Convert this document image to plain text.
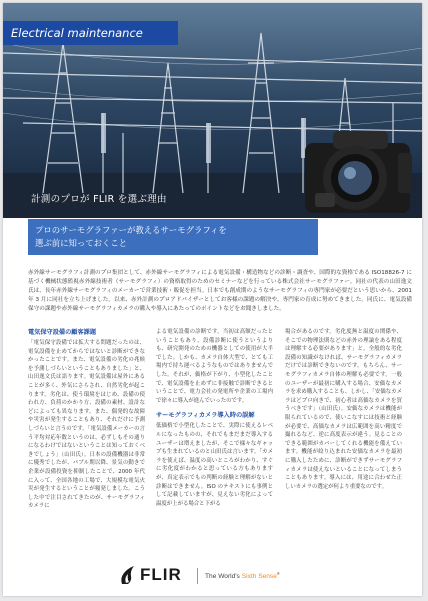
Electrical maintenance
計測のプロが FLIR を選ぶ理由
プロのサーモグラファーが教えるサーモグラフィを
選ぶ前に知っておくこと
赤外線サーモグラフィ計測のプロ集団として、赤外線サーモグラフィによる電気設備・構造物などの診断・調査や、国際的な資格である ISO18826-7 に基づく機械状態監視赤外線技術者（サーモグラフィ）の資格取得のためのセミナーなどを行っている株式会社サーモグラファー。同社の代表の山田逸文氏は、長年赤外線サーモグラフィのメーカーで営業技術・販促を担当。日本でも創成期のようなサーモグラフィの専門家が必要だという思いから、2001 年 3 月に同社を立ち上げました。以来、赤外計測のプロアドバイザーとしてお客様の課題の解決や、専門家の育成に努めてきました。同氏に、電気設備保守の課題や赤外線サーモグラフィカメラの購入や導入にあたってのポイントなどをお聞きしました。
電気保守設備の顧客課題

「電気保守設備では拡大する問題だったのは、電気設備を止めてからではないと診断ができなかったことです。また、電気設備の劣化の兆候を予測しづらいということもありました」と、山田逸文氏は語ります。電気設備は屋外にあることが多く、外気にさらされ、自然劣化が起こります。劣化は、使う環境をはじめ、設備の使われ方、負荷のかかり方、設備の素材、設計などによっても異なります。また、偶発的な故障や災害が発生することもあり、それだけに予測しづらいと言うのです。「電気設備メーカーの言う平均対応年数というのは、必ずしもその通りになるわけではないということは知っておくべきでしょう」（山田氏）。日本の設備機器は非常に優秀でしたが、バブル期以降、景気の動きで企業が設備投資を抑制したことで、2000 年代に入って、全国各地の工場で、大規模な電気火災が発生するということが頻発しました。こうした中で注目されてきたのが、サーモグラフィカメラに

よる電気設備の診断です。当初は高額だったということもあり、設備診断に使うというよりも、研究開発のための機器としての使用が大半でした。しかも、カメラ自体大型で、とても工場内で持ち運べるようなものではありませんでした。それが、価格が下がり、小型化したことで、電気設備を止めずに非接触で診断できるということで、電力会社の発電所や企業の工場内で徐々に導入が進んでいったのです。

サーモグラフィカメラ導入時の誤解

低価格で小型化したことで、実際に使えるレベルになったものの、それでもまだまだ導入するユーザーは増えましたが、そこで様々なギャップも生まれているのと山田氏は言います。「カメラを使えば、温度の高いところがわかり、すぐに劣化度がわかると思っている方もありますが、真定表示でもの判断の経験と理解がないと診断はできません。ISO のテキストにも事例として記載していますが、見えない劣化によって温度が上がる場合と下がる

場合があるのです。劣化度無と温度の関係や、そこでの物理法則などの赤外の理論をある程度は理解する必要があります」と。全般的な劣化設備の知識がなければ、サーモグラフィカメラだけでは診断できないのです。もちろん、サーモグラフィカメラ自体の理解も必要です。一般のユーザーが最初に購入する場合、安価なカメラを求め購入することも、しかし、「安価なカメラはどプロ向きで、初心者は高価なカメラを買うべきです」（山田氏）。安価なカメラは機能が限られているので、使いこなすには技術と経験が必要で、高価なカメラは広範囲を高い精度で撮れるなど、逆に高度表示が違う。見ることのできる範囲がカバーしてくれる機能を備えています。機能が絞り込まれた安価なカメラを最初に購入したために、診断ができずサーモグラフィカメラは使えないといることになってしまうこともあります。導入には、用途に合わせた正しいカメラの選定が何より重要なのです。

FLIR	The World's Sixth Sense®
